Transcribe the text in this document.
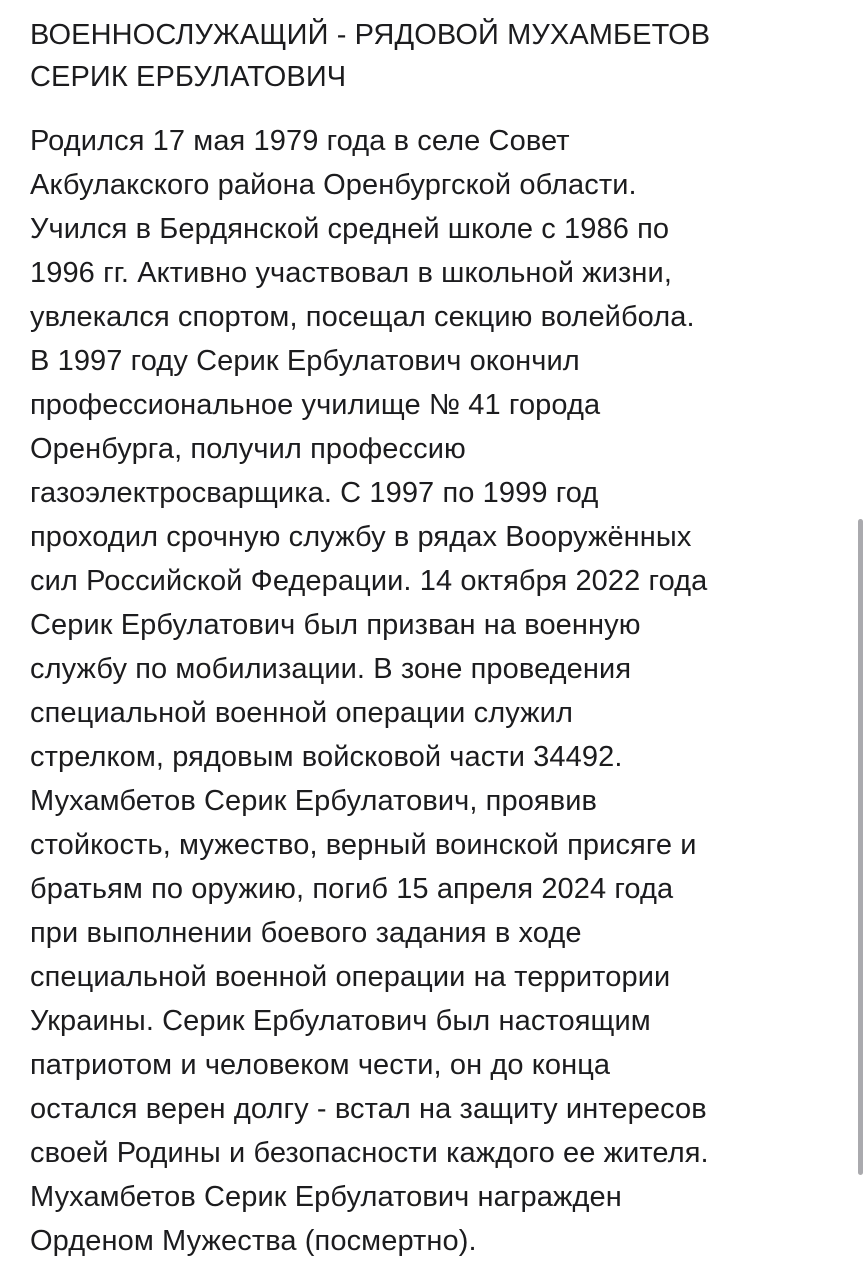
ВОЕННОСЛУЖАЩИЙ - РЯДОВОЙ МУХАМБЕТОВ
СЕРИК ЕРБУЛАТОВИЧ

Родился 17 мая 1979 года в селе Совет
Акбулакского района Оренбургской области.
Учился в Бердянской средней школе с 1986 по
1996 гг. Активно участвовал в школьной жизни,
увлекался спортом, посещал секцию волейбола.
В 1997 году Серик Ербулатович окончил
профессиональное училище № 41 города
Оренбурга, получил профессию
газоэлектросварщика. С 1997 по 1999 год
проходил срочную службу в рядах Вооружённых
сил Российской Федерации. 14 октября 2022 года
Серик Ербулатович был призван на военную
службу по мобилизации. В зоне проведения
специальной военной операции служил
стрелком, рядовым войсковой части 34492.
Мухамбетов Серик Ербулатович, проявив
стойкость, мужество, верный воинской присяге и
братьям по оружию, погиб 15 апреля 2024 года
при выполнении боевого задания в ходе
специальной военной операции на территории
Украины. Серик Ербулатович был настоящим
патриотом и человеком чести, он до конца
остался верен долгу - встал на защиту интересов
своей Родины и безопасности каждого ее жителя.
Мухамбетов Серик Ербулатович награжден
Орденом Мужества (посмертно).
